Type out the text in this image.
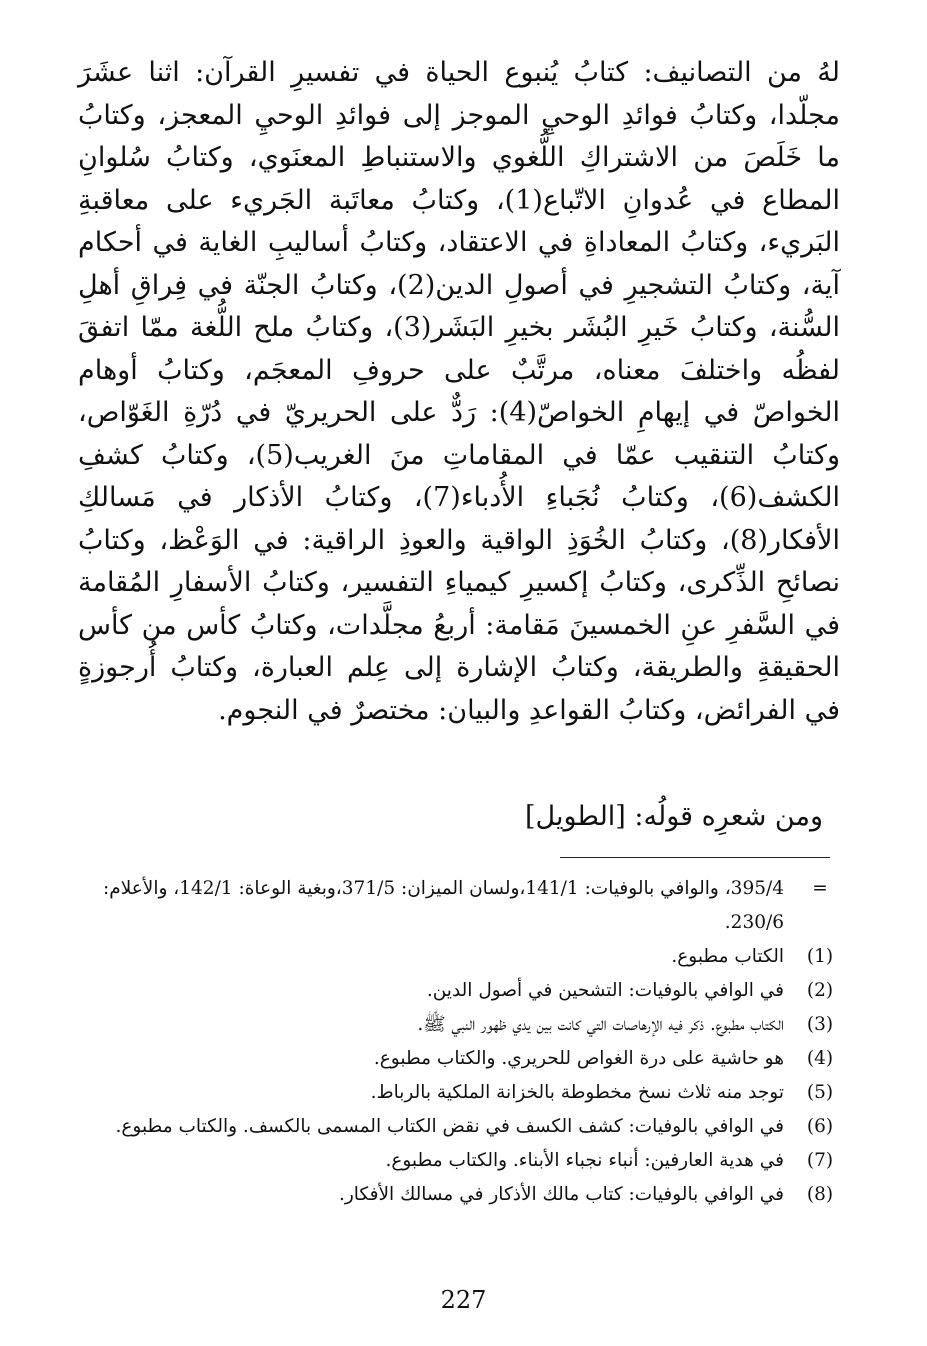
لهُ من التصانيف: كتابُ يُنبوع الحياة في تفسيرِ القرآن: اثنا عشَرَ مجلّدا، وكتابُ فوائدِ الوحيِ الموجز إلى فوائدِ الوحيِ المعجز، وكتابُ ما خَلَصَ من الاشتراكِ اللُّغوي والاستنباطِ المعنَوي، وكتابُ سُلوانِ المطاع في عُدوانِ الاتّباع(1)، وكتابُ معاتَبة الجَريء على معاقبةِ البَريء، وكتابُ المعاداةِ في الاعتقاد، وكتابُ أساليبِ الغاية في أحكام آية، وكتابُ التشجيرِ في أصولِ الدين(2)، وكتابُ الجنّة في فِراقِ أهلِ السُّنة، وكتابُ خَيرِ البُشَر بخيرِ البَشَر(3)، وكتابُ ملح اللُّغة ممّا اتفقَ لفظُه واختلفَ معناه، مرتَّبٌ على حروفِ المعجَم، وكتابُ أوهام الخواصّ في إيهامِ الخواصّ(4): رَدٌّ على الحريريّ في دُرّةِ الغَوّاص، وكتابُ التنقيب عمّا في المقاماتِ منَ الغريب(5)، وكتابُ كشفِ الكشف(6)، وكتابُ نُجَباءِ الأُدباء(7)، وكتابُ الأذكار في مَسالكِ الأفكار(8)، وكتابُ الخُوَذِ الواقية والعوذِ الراقية: في الوَعْظ، وكتابُ نصائحِ الذِّكرى، وكتابُ إكسيرِ كيمياءِ التفسير، وكتابُ الأسفارِ المُقامة في السَّفرِ عنِ الخمسينَ مَقامة: أربعُ مجلَّدات، وكتابُ كأس من كأس الحقيقةِ والطريقة، وكتابُ الإشارة إلى عِلم العبارة، وكتابُ أُرجوزةٍ في الفرائض، وكتابُ القواعدِ والبيان: مختصرٌ في النجوم.

ومن شعرِه قولُه: [الطويل]
=
395/4، والوافي بالوفيات: 141/1،ولسان الميزان: 371/5،وبغية الوعاة: 142/1، والأعلام: 230/6.
(1)
الكتاب مطبوع.
(2)
في الوافي بالوفيات: التشحين في أصول الدين.
(3)
الكتاب مطبوع. ذكر فيه الإرهاصات التي كانت بين يدي ظهور النبي ﷺ.
(4)
هو حاشية على درة الغواص للحريري. والكتاب مطبوع.
(5)
توجد منه ثلاث نسخ مخطوطة بالخزانة الملكية بالرباط.
(6)
في الوافي بالوفيات: كشف الكسف في نقض الكتاب المسمى بالكسف. والكتاب مطبوع.
(7)
في هدية العارفين: أنباء نجباء الأبناء. والكتاب مطبوع.
(8)
في الوافي بالوفيات: كتاب مالك الأذكار في مسالك الأفكار.
227
